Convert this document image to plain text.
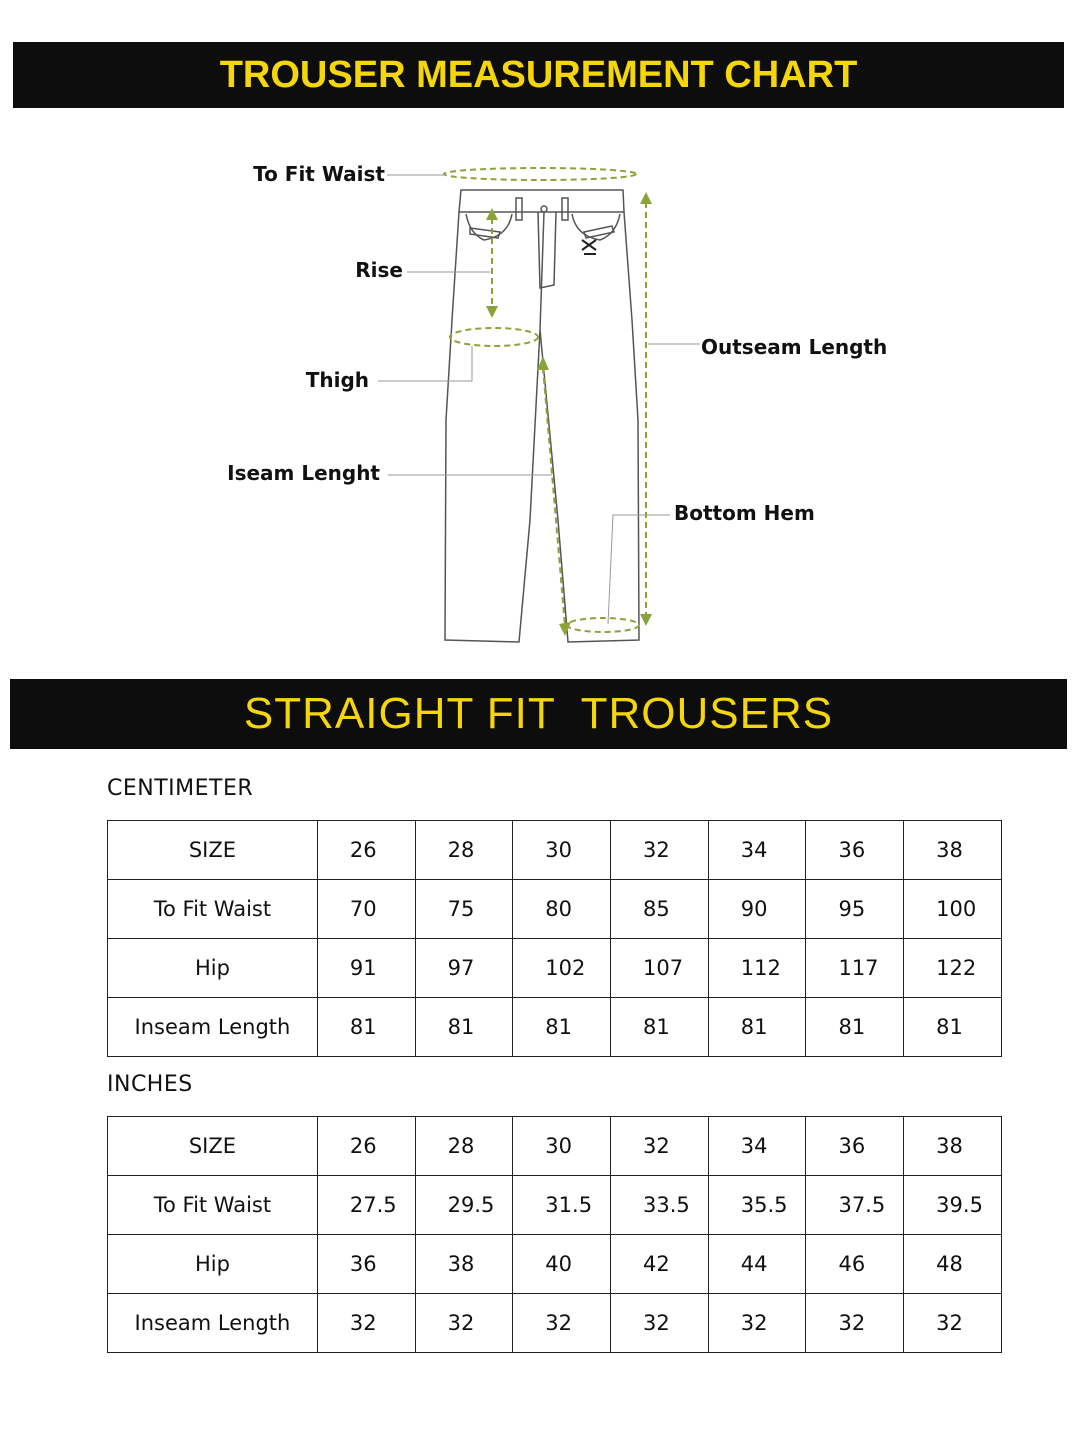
TROUSER MEASUREMENT CHART
To Fit Waist
Rise
Thigh
Iseam Lenght
Outseam Length
Bottom Hem
STRAIGHT FIT  TROUSERS
CENTIMETER
SIZE	26	28	30	32	34	36	38
To Fit Waist	70	75	80	85	90	95	100
Hip	91	97	102	107	112	117	122
Inseam Length	81	81	81	81	81	81	81
INCHES
SIZE	26	28	30	32	34	36	38
To Fit Waist	27.5	29.5	31.5	33.5	35.5	37.5	39.5
Hip	36	38	40	42	44	46	48
Inseam Length	32	32	32	32	32	32	32
